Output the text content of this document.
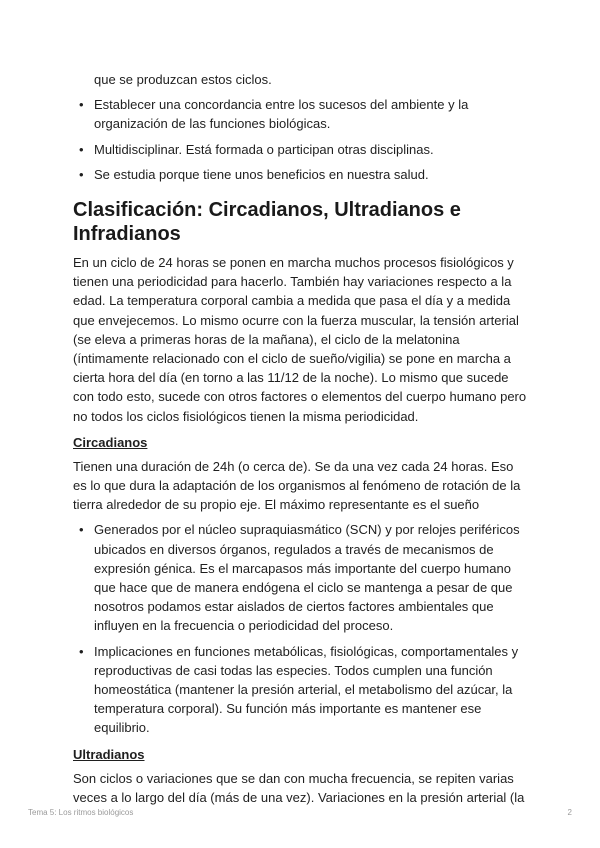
que se produzcan estos ciclos.

• Establecer una concordancia entre los sucesos del ambiente y la organización de las funciones biológicas.
• Multidisciplinar. Está formada o participan otras disciplinas.
• Se estudia porque tiene unos beneficios en nuestra salud.
Clasificación: Circadianos, Ultradianos e Infradianos

En un ciclo de 24 horas se ponen en marcha muchos procesos fisiológicos y tienen una periodicidad para hacerlo. También hay variaciones respecto a la edad. La temperatura corporal cambia a medida que pasa el día y a medida que envejecemos. Lo mismo ocurre con la fuerza muscular, la tensión arterial (se eleva a primeras horas de la mañana), el ciclo de la melatonina (íntimamente relacionado con el ciclo de sueño/vigilia) se pone en marcha a cierta hora del día (en torno a las 11/12 de la noche). Lo mismo que sucede con todo esto, sucede con otros factores o elementos del cuerpo humano pero no todos los ciclos fisiológicos tienen la misma periodicidad.

Circadianos

Tienen una duración de 24h (o cerca de). Se da una vez cada 24 horas. Eso es lo que dura la adaptación de los organismos al fenómeno de rotación de la tierra alrededor de su propio eje. El máximo representante es el sueño

• Generados por el núcleo supraquiasmático (SCN) y por relojes periféricos ubicados en diversos órganos, regulados a través de mecanismos de expresión génica. Es el marcapasos más importante del cuerpo humano que hace que de manera endógena el ciclo se mantenga a pesar de que nosotros podamos estar aislados de ciertos factores ambientales que influyen en la frecuencia o periodicidad del proceso.
• Implicaciones en funciones metabólicas, fisiológicas, comportamentales y reproductivas de casi todas las especies. Todos cumplen una función homeostática (mantener la presión arterial, el metabolismo del azúcar, la temperatura corporal). Su función más importante es mantener ese equilibrio.
Ultradianos

Son ciclos o variaciones que se dan con mucha frecuencia, se repiten varias veces a lo largo del día (más de una vez). Variaciones en la presión arterial (la

Tema 5: Los ritmos biológicos	2
